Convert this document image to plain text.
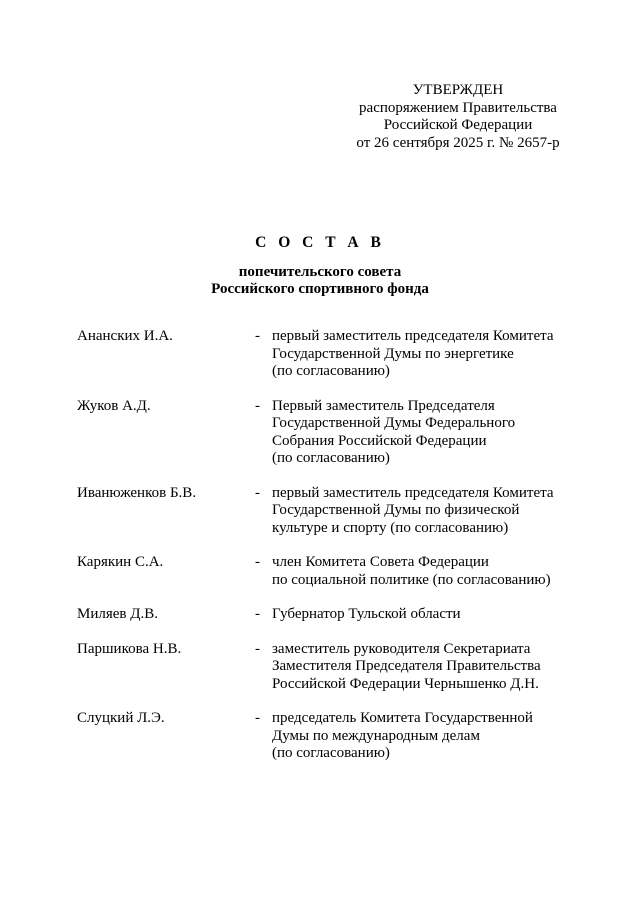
УТВЕРЖДЕН
распоряжением Правительства
Российской Федерации
от 26 сентября 2025 г. № 2657-р
С О С Т А В
попечительского совета
Российского спортивного фонда
Ананских И.А.	- первый заместитель председателя Комитета
Государственной Думы по энергетике
(по согласованию)
Жуков А.Д.	- Первый заместитель Председателя
Государственной Думы Федерального
Собрания Российской Федерации
(по согласованию)
Иванюженков Б.В.	- первый заместитель председателя Комитета
Государственной Думы по физической
культуре и спорту (по согласованию)
Карякин С.А.	- член Комитета Совета Федерации
по социальной политике (по согласованию)
Миляев Д.В.	- Губернатор Тульской области
Паршикова Н.В.	- заместитель руководителя Секретариата
Заместителя Председателя Правительства
Российской Федерации Чернышенко Д.Н.
Слуцкий Л.Э.	- председатель Комитета Государственной
Думы по международным делам
(по согласованию)
